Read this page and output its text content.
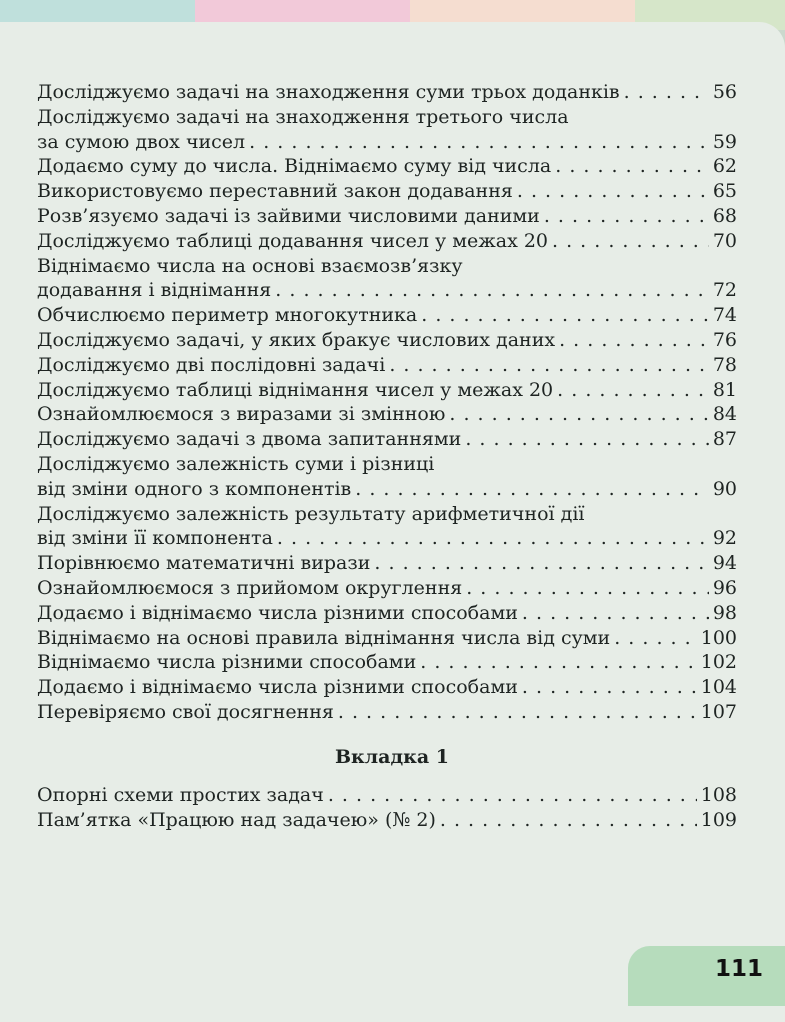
Досліджуємо задачі на знаходження суми трьох доданків . . .	56
Досліджуємо задачі на знаходження третього числа
за сумою двох чисел . . .	59
Додаємо суму до числа. Віднімаємо суму від числа . . .	62
Використовуємо переставний закон додавання . . .	65
Розв’язуємо задачі із зайвими числовими даними . . .	68
Досліджуємо таблиці додавання чисел у межах 20 . . .	70
Віднімаємо числа на основі взаємозв’язку
додавання і віднімання . . .	72
Обчислюємо периметр многокутника . . .	74
Досліджуємо задачі, у яких бракує числових даних . . .	76
Досліджуємо дві послідовні задачі . . .	78
Досліджуємо таблиці віднімання чисел у межах 20 . . .	81
Ознайомлюємося з виразами зі змінною . . .	84
Досліджуємо задачі з двома запитаннями . . .	87
Досліджуємо залежність суми і різниці
від зміни одного з компонентів . . .	90
Досліджуємо залежність результату арифметичної дії
від зміни її компонента . . .	92
Порівнюємо математичні вирази . . .	94
Ознайомлюємося з прийомом округлення . . .	96
Додаємо і віднімаємо числа різними способами . . .	98
Віднімаємо на основі правила віднімання числа від суми . . .	100
Віднімаємо числа різними способами . . .	102
Додаємо і віднімаємо числа різними способами . . .	104
Перевіряємо свої досягнення . . .	107
Вкладка 1
Опорні схеми простих задач . . .	108
Пам’ятка «Працюю над задачею» (№ 2) . . .	109
111
